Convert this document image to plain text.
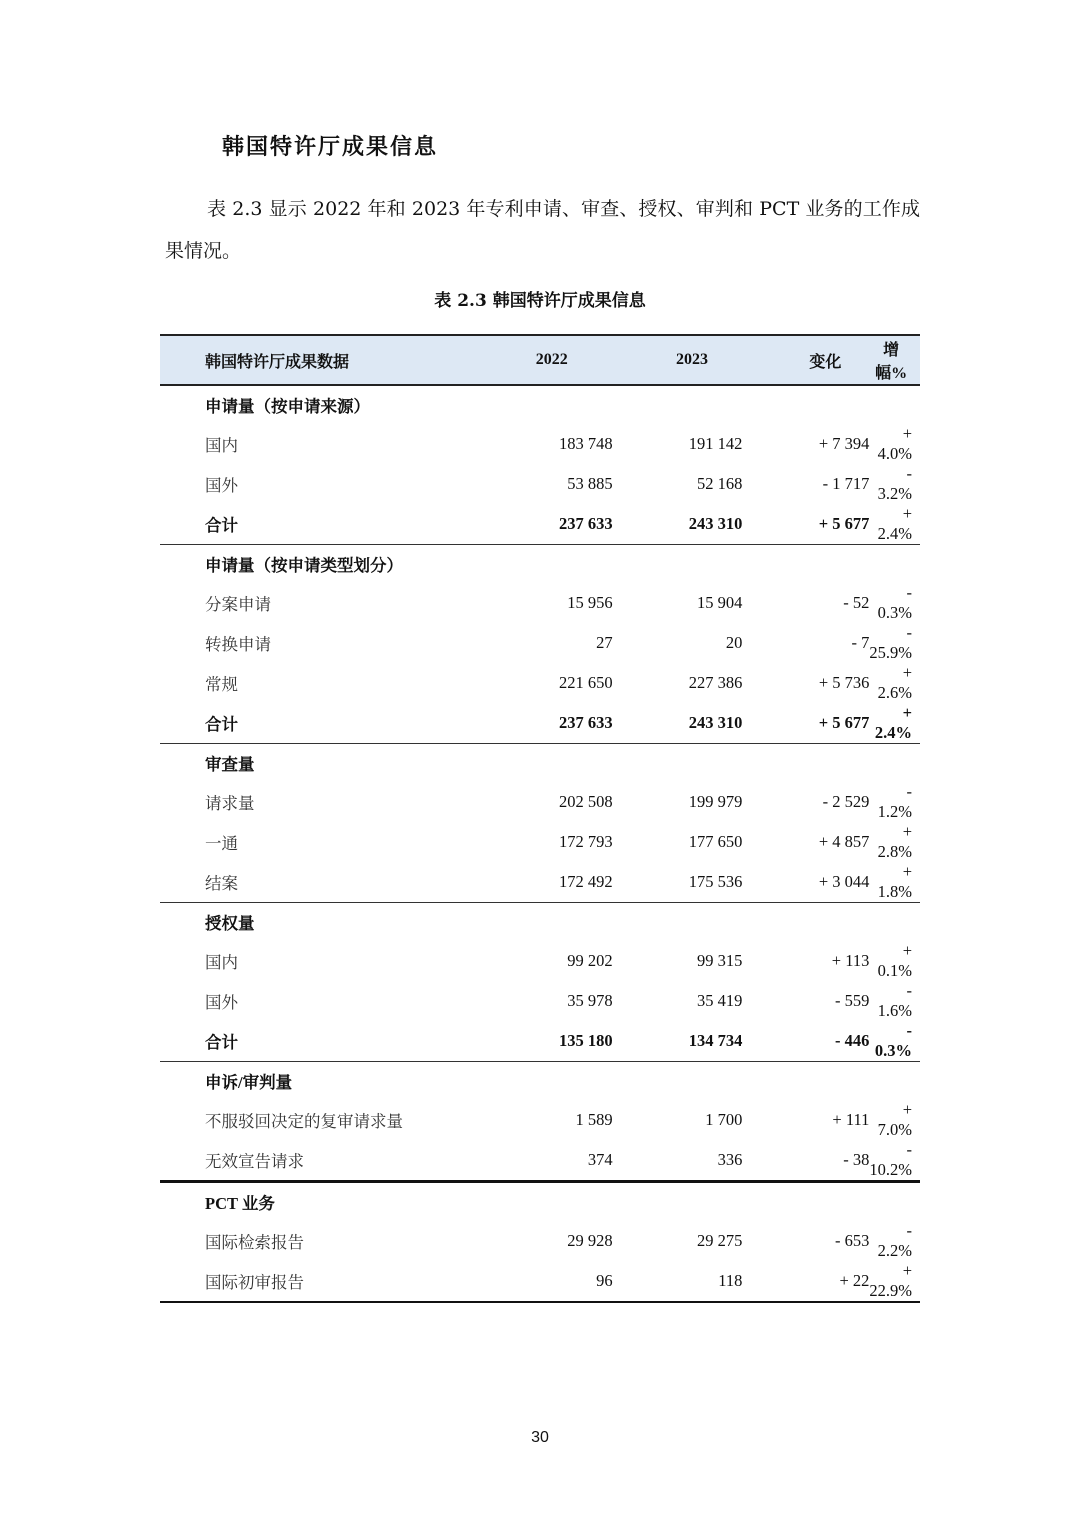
韩国特许厅成果信息
表 2.3 显示 2022 年和 2023 年专利申请、审查、授权、审判和 PCT 业务的工作成果情况。
表 2.3 韩国特许厅成果信息
韩国特许厅成果数据	2022	2023	变化	增幅%
申请量（按申请来源）				
国内	183 748	191 142	+ 7 394	+ 4.0%
国外	53 885	52 168	- 1 717	- 3.2%
合计	237 633	243 310	+ 5 677	+ 2.4%
申请量（按申请类型划分）				
分案申请	15 956	15 904	- 52	- 0.3%
转换申请	27	20	- 7	- 25.9%
常规	221 650	227 386	+ 5 736	+ 2.6%
合计	237 633	243 310	+ 5 677	+ 2.4%
审查量				
请求量	202 508	199 979	- 2 529	- 1.2%
一通	172 793	177 650	+ 4 857	+ 2.8%
结案	172 492	175 536	+ 3 044	+ 1.8%
授权量				
国内	99 202	99 315	+ 113	+ 0.1%
国外	35 978	35 419	- 559	- 1.6%
合计	135 180	134 734	- 446	- 0.3%
申诉/审判量				
不服驳回决定的复审请求量	1 589	1 700	+ 111	+ 7.0%
无效宣告请求	374	336	- 38	- 10.2%
PCT 业务				
国际检索报告	29 928	29 275	- 653	- 2.2%
国际初审报告	96	118	+ 22	+ 22.9%
30
